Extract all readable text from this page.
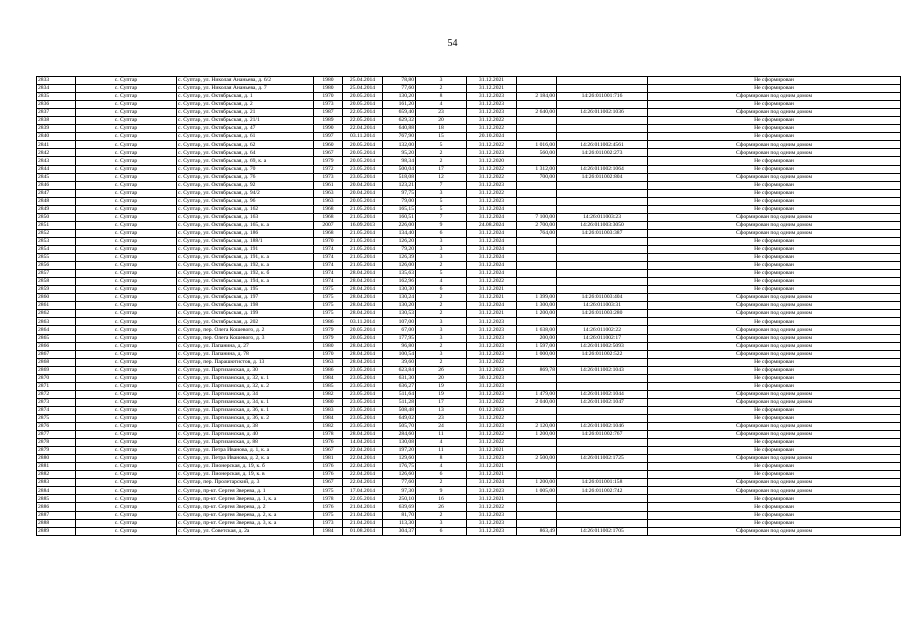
54
2833	с. Суптар	с. Суптар, ул. Николая Ананьева, д. 6/2	1980	25.04.2014	78,80	3	31.12.2021			Не сформирован
2834	с. Суптар	с. Суптар, ул. Николая Ананьева, д. 7	1980	25.04.2014	77,60	2	31.12.2021			Не сформирован
2835	с. Суптар	с. Суптар, ул. Октябрьская, д. 1	1970	20.05.2014	130,20	8	31.12.2023	2 184,00	14:26:011001:716	Сформирован под одним домом
2836	с. Суптар	с. Суптар, ул. Октябрьская, д. 2	1973	20.05.2014	161,20	4	31.12.2023			Не сформирован
2837	с. Суптар	с. Суптар, ул. Октябрьская, д. 21	1987	22.05.2014	659,40	23	31.12.2023	2 640,00	14:26:011002:1036	Сформирован под одним домом
2838	с. Суптар	с. Суптар, ул. Октябрьская, д. 21/1	1989	22.05.2014	629,32	20	31.12.2022			Не сформирован
2839	с. Суптар	с. Суптар, ул. Октябрьская, д. 47	1990	22.04.2014	640,88	18	31.12.2022			Не сформирован
2840	с. Суптар	с. Суптар, ул. Октябрьская, д. 61	1997	03.11.2014	767,90	15	20.10.2024			Не сформирован
2841	с. Суптар	с. Суптар, ул. Октябрьская, д. 62	1960	20.05.2014	132,00	5	31.12.2022	1 016,00	14:26:011002:4561	Сформирован под одним домом
2842	с. Суптар	с. Суптар, ул. Октябрьская, д. 64	1967	20.05.2014	95,20	2	31.12.2023	560,00	14:26:011002:273	Сформирован под одним домом
2843	с. Суптар	с. Суптар, ул. Октябрьская, д. 69, к. а	1979	20.05.2014	98,34	2	31.12.2020			Не сформирован
2844	с. Суптар	с. Суптар, ул. Октябрьская, д. 70	1972	23.05.2014	500,04	17	31.12.2022	1 312,00	14:26:011002:1064	Не сформирован
2845	с. Суптар	с. Суптар, ул. Октябрьская, д. 76	1973	23.05.2014	518,08	12	31.12.2022	700,00	14:26:011002:804	Сформирован под одним домом
2846	с. Суптар	с. Суптар, ул. Октябрьская, д. 92	1961	20.04.2014	123,21	7	31.12.2023			Не сформирован
2847	с. Суптар	с. Суптар, ул. Октябрьская, д. 94/2	1963	20.04.2014	97,75	3	31.12.2022			Не сформирован
2848	с. Суптар	с. Суптар, ул. Октябрьская, д. 96	1963	20.05.2014	79,00	5	31.12.2023			Не сформирован
2849	с. Суптар	с. Суптар, ул. Октябрьская, д. 162	1968	21.05.2014	165,15	5	31.12.2024			Не сформирован
2850	с. Суптар	с. Суптар, ул. Октябрьская, д. 163	1968	21.05.2014	160,51	7	31.12.2024	7 100,00	14:26:011003:23	Сформирован под одним домом
2851	с. Суптар	с. Суптар, ул. Октябрьская, д. 165, к. а	2007	16.09.2013	226,00	9	24.08.2024	2 700,00	14:26:011003:3050	Сформирован под одним домом
2852	с. Суптар	с. Суптар, ул. Октябрьская, д. 186	1968	21.05.2014	134,40	6	31.12.2024	764,00	14:26:011003:387	Сформирован под одним домом
2853	с. Суптар	с. Суптар, ул. Октябрьская, д. 188/1	1970	21.05.2014	126,20	3	31.12.2024			Не сформирован
2854	с. Суптар	с. Суптар, ул. Октябрьская, д. 191	1974	21.05.2014	79,20	3	31.12.2024			Не сформирован
2855	с. Суптар	с. Суптар, ул. Октябрьская, д. 191, к. а	1974	21.05.2014	126,39	3	31.12.2024			Не сформирован
2856	с. Суптар	с. Суптар, ул. Октябрьская, д. 192, к. а	1974	21.05.2014	126,00	2	31.12.2024			Не сформирован
2857	с. Суптар	с. Суптар, ул. Октябрьская, д. 192, к. б	1974	28.04.2014	135,63	5	31.12.2024			Не сформирован
2858	с. Суптар	с. Суптар, ул. Октябрьская, д. 194, к. а	1974	28.04.2014	162,96	4	31.12.2022			Не сформирован
2859	с. Суптар	с. Суптар, ул. Октябрьская, д. 195	1975	28.04.2014	130,30	6	31.12.2021			Не сформирован
2860	с. Суптар	с. Суптар, ул. Октябрьская, д. 197	1975	28.04.2014	130,24	2	31.12.2021	1 399,00	14:26:011003:404	Сформирован под одним домом
2861	с. Суптар	с. Суптар, ул. Октябрьская, д. 198	1975	28.04.2014	130,20	2	31.12.2024	1 300,00	14:26:011003:31	Сформирован под одним домом
2862	с. Суптар	с. Суптар, ул. Октябрьская, д. 199	1975	28.04.2014	130,53	2	31.12.2021	1 200,00	14:26:011003:280	Сформирован под одним домом
2863	с. Суптар	с. Суптар, ул. Октябрьская, д. 202	1986	03.11.2014	107,00	3	31.12.2023			Не сформирован
2864	с. Суптар	с. Суптар, пер. Олега Кошевого, д. 2	1979	20.05.2014	67,00	3	31.12.2023	1 638,00	14:26:011002:22	Сформирован под одним домом
2865	с. Суптар	с. Суптар, пер. Олега Кошевого, д. 3	1979	20.05.2014	177,95	3	31.12.2023	200,00	14:26:011002:17	Сформирован под одним домом
2866	с. Суптар	с. Суптар, ул. Папанина, д. 27	1980	28.04.2014	96,80	2	31.12.2023	1 597,00	14:26:011002:5093	Сформирован под одним домом
2867	с. Суптар	с. Суптар, ул. Папанина, д. 78	1970	28.04.2014	100,54	3	31.12.2023	1 000,00	14:26:011002:522	Сформирован под одним домом
2868	с. Суптар	с. Суптар, пер. Парашютистов, д. 13	1963	28.04.2014	39,60	2	31.12.2022			Не сформирован
2869	с. Суптар	с. Суптар, ул. Партизанская, д. 30	1986	23.05.2014	623,84	26	31.12.2023	869,78	14:26:011002:1043	Не сформирован
2870	с. Суптар	с. Суптар, ул. Партизанская, д. 32, к. 1	1984	23.05.2014	631,30	20	30.12.2023			Не сформирован
2871	с. Суптар	с. Суптар, ул. Партизанская, д. 32, к. 2	1985	23.05.2014	636,27	19	31.12.2023			Не сформирован
2872	с. Суптар	с. Суптар, ул. Партизанская, д. 34	1982	23.05.2014	511,64	19	31.12.2023	1 479,00	14:26:011002:1044	Сформирован под одним домом
2873	с. Суптар	с. Суптар, ул. Партизанская, д. 34, к. 1	1980	23.05.2014	511,28	17	31.12.2022	2 040,00	14:26:011002:1047	Сформирован под одним домом
2874	с. Суптар	с. Суптар, ул. Партизанская, д. 36, к. 1	1983	23.05.2014	508,48	13	01.12.2023			Не сформирован
2875	с. Суптар	с. Суптар, ул. Партизанская, д. 36, к. 2	1984	23.05.2014	649,02	23	31.12.2022			Не сформирован
2876	с. Суптар	с. Суптар, ул. Партизанская, д. 38	1982	23.05.2014	505,70	24	31.12.2023	2 120,00	14:26:011002:1046	Сформирован под одним домом
2877	с. Суптар	с. Суптар, ул. Партизанская, д. 40	1978	28.04.2014	284,60	11	31.12.2022	1 200,00	14:26:011002:767	Сформирован под одним домом
2878	с. Суптар	с. Суптар, ул. Партизанская, д. 88	1976	14.04.2014	130,08	4	31.12.2022			Не сформирован
2879	с. Суптар	с. Суптар, ул. Петра Иванова, д. 1, к. а	1967	22.04.2014	197,20	11	31.12.2021			Не сформирован
2880	с. Суптар	с. Суптар, ул. Петра Иванова, д. 2, к. а	1981	22.04.2014	129,60	8	31.12.2023	2 500,00	14:26:011002:1725	Сформирован под одним домом
2881	с. Суптар	с. Суптар, ул. Пионерская, д. 19, к. б	1976	22.04.2014	176,75	4	31.12.2021			Не сформирован
2882	с. Суптар	с. Суптар, ул. Пионерская, д. 19, к. в	1976	22.04.2014	126,60	6	31.12.2021			Не сформирован
2883	с. Суптар	с. Суптар, пер. Пролетарский, д. 3	1967	22.04.2014	77,60	2	31.12.2024	1 200,00	14:26:011001:158	Сформирован под одним домом
2884	с. Суптар	с. Суптар, пр-кт. Сергея Зверева, д. 1	1975	17.04.2014	97,30	9	31.12.2023	1 005,00	14:26:011002:742	Сформирован под одним домом
2885	с. Суптар	с. Суптар, пр-кт. Сергея Зверева, д. 1, к. а	1978	22.05.2014	250,10	16	31.12.2021			Не сформирован
2886	с. Суптар	с. Суптар, пр-кт. Сергея Зверева, д. 2	1976	21.04.2014	639,69	26	31.12.2022			Не сформирован
2887	с. Суптар	с. Суптар, пр-кт. Сергея Зверева, д. 2, к. а	1975	21.04.2014	81,70	2	31.12.2023			Не сформирован
2888	с. Суптар	с. Суптар, пр-кт. Сергея Зверева, д. 3, к. а	1973	21.04.2014	113,30	3	31.12.2023			Не сформирован
2889	с. Суптар	с. Суптар, ул. Советская, д. 2а	1984	01.08.2014	304,37	6	31.12.2023	863,49	14:26:011002:1705	Сформирован под одним домом
